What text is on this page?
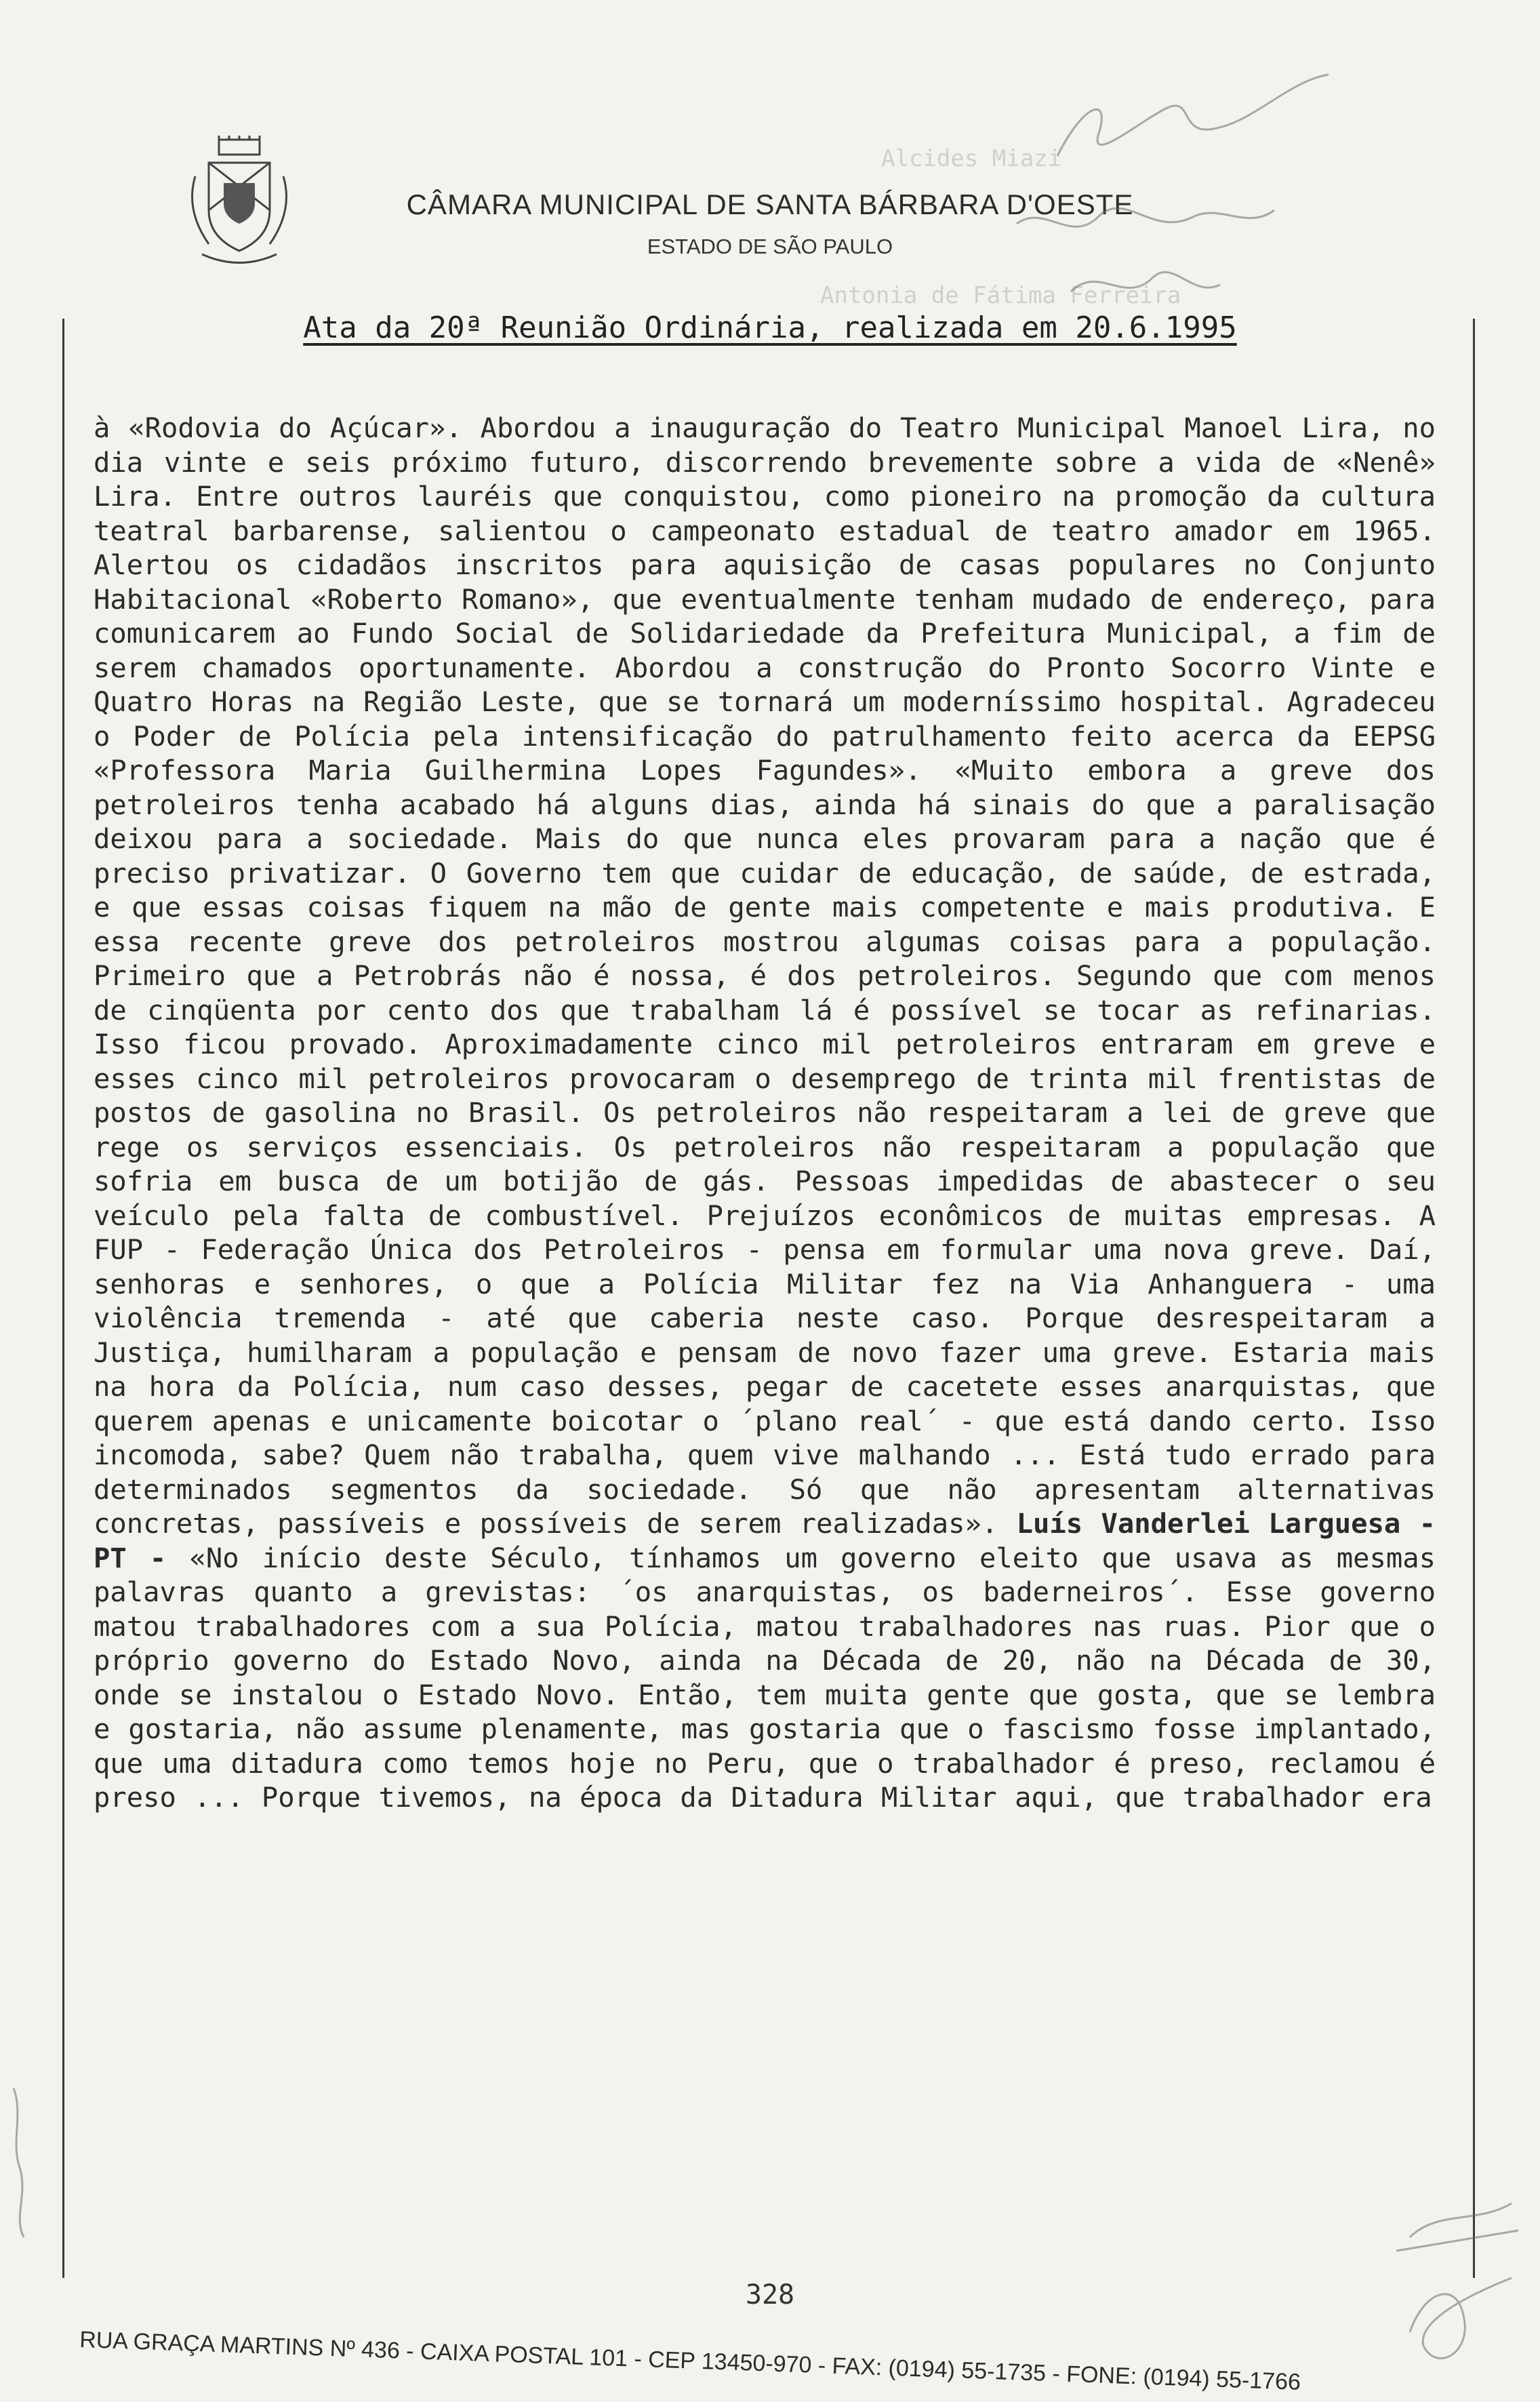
CÂMARA MUNICIPAL DE SANTA BÁRBARA D'OESTE
ESTADO DE SÃO PAULO
Ata da 20ª Reunião Ordinária, realizada em 20.6.1995
à «Rodovia do Açúcar». Abordou a inauguração do Teatro Municipal Manoel Lira, no dia vinte e seis próximo futuro, discorrendo brevemente sobre a vida de «Nenê» Lira. Entre outros lauréis que conquistou, como pioneiro na promoção da cultura teatral barbarense, salientou o campeonato estadual de teatro amador em 1965. Alertou os cidadãos inscritos para aquisição de casas populares no Conjunto Habitacional «Roberto Romano», que eventualmente tenham mudado de endereço, para comunicarem ao Fundo Social de Solidariedade da Prefeitura Municipal, a fim de serem chamados oportunamente. Abordou a construção do Pronto Socorro Vinte e Quatro Horas na Região Leste, que se tornará um moderníssimo hospital. Agradeceu o Poder de Polícia pela intensificação do patrulhamento feito acerca da EEPSG «Professora Maria Guilhermina Lopes Fagundes». «Muito embora a greve dos petroleiros tenha acabado há alguns dias, ainda há sinais do que a paralisação deixou para a sociedade. Mais do que nunca eles provaram para a nação que é preciso privatizar. O Governo tem que cuidar de educação, de saúde, de estrada, e que essas coisas fiquem na mão de gente mais competente e mais produtiva. E essa recente greve dos petroleiros mostrou algumas coisas para a população. Primeiro que a Petrobrás não é nossa, é dos petroleiros. Segundo que com menos de cinqüenta por cento dos que trabalham lá é possível se tocar as refinarias. Isso ficou provado. Aproximadamente cinco mil petroleiros entraram em greve e esses cinco mil petroleiros provocaram o desemprego de trinta mil frentistas de postos de gasolina no Brasil. Os petroleiros não respeitaram a lei de greve que rege os serviços essenciais. Os petroleiros não respeitaram a população que sofria em busca de um botijão de gás. Pessoas impedidas de abastecer o seu veículo pela falta de combustível. Prejuízos econômicos de muitas empresas. A FUP - Federação Única dos Petroleiros - pensa em formular uma nova greve. Daí, senhoras e senhores, o que a Polícia Militar fez na Via Anhanguera - uma violência tremenda - até que caberia neste caso. Porque desrespeitaram a Justiça, humilharam a população e pensam de novo fazer uma greve. Estaria mais na hora da Polícia, num caso desses, pegar de cacetete esses anarquistas, que querem apenas e unicamente boicotar o ´plano real´ - que está dando certo. Isso incomoda, sabe? Quem não trabalha, quem vive malhando ... Está tudo errado para determinados segmentos da sociedade. Só que não apresentam alternativas concretas, passíveis e possíveis de serem realizadas». Luís Vanderlei Larguesa - PT - «No início deste Século, tínhamos um governo eleito que usava as mesmas palavras quanto a grevistas: ´os anarquistas, os baderneiros´. Esse governo matou trabalhadores com a sua Polícia, matou trabalhadores nas ruas. Pior que o próprio governo do Estado Novo, ainda na Década de 20, não na Década de 30, onde se instalou o Estado Novo. Então, tem muita gente que gosta, que se lembra e gostaria, não assume plenamente, mas gostaria que o fascismo fosse implantado, que uma ditadura como temos hoje no Peru, que o trabalhador é preso, reclamou é preso ... Porque tivemos, na época da Ditadura Militar aqui, que trabalhador era
328
RUA GRAÇA MARTINS Nº 436 - CAIXA POSTAL 101 - CEP 13450-970 - FAX: (0194) 55-1735 - FONE: (0194) 55-1766
Alcides Miazi
Antonia de Fátima Ferreira
